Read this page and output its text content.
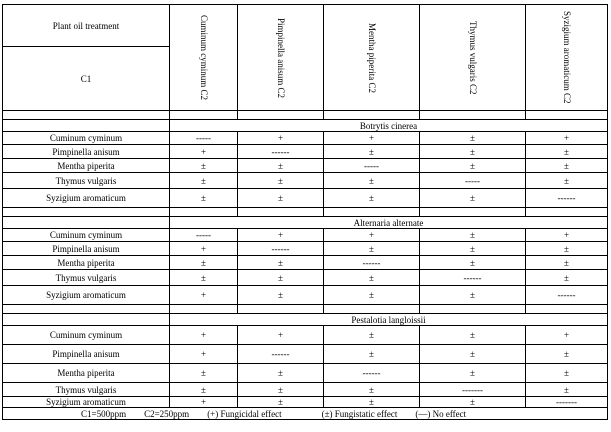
Plant oil treatment	Cuminum cyminum C2	Pimpinella anisum C2	Mentha piperita C2	Thymus vulgaris C2	Syzigium aromaticum C2

C1					

	Botrytis cinerea				
Cuminum cyminum	-----	+	+	±	+
Pimpinella anisum	+	------	±	±	±
Mentha piperita	±	±	-----	±	±
Thymus vulgaris	±	±	±	-----	±
Syzigium aromaticum	±	±	±	±	------

	Alternaria alternate				
Cuminum cyminum	-----	+	+	±	+
Pimpinella anisum	+	------	±	±	±
Mentha piperita	±	±	------	±	±
Thymus vulgaris	±	±	±	------	±
Syzigium aromaticum	+	±	±	±	------

	Pestalotia langloissii				
Cuminum cyminum	+	+	±	±	+
Pimpinella anisum	+	------	±	±	±
Mentha piperita	±	±	------	±	±
Thymus vulgaris	±	±	±	-------	±
Syzigium aromaticum	+	±	±	±	-------

C1=500ppm C2=250ppm (+) Fungicidal effect (±) Fungistatic effect (—) No effect					
